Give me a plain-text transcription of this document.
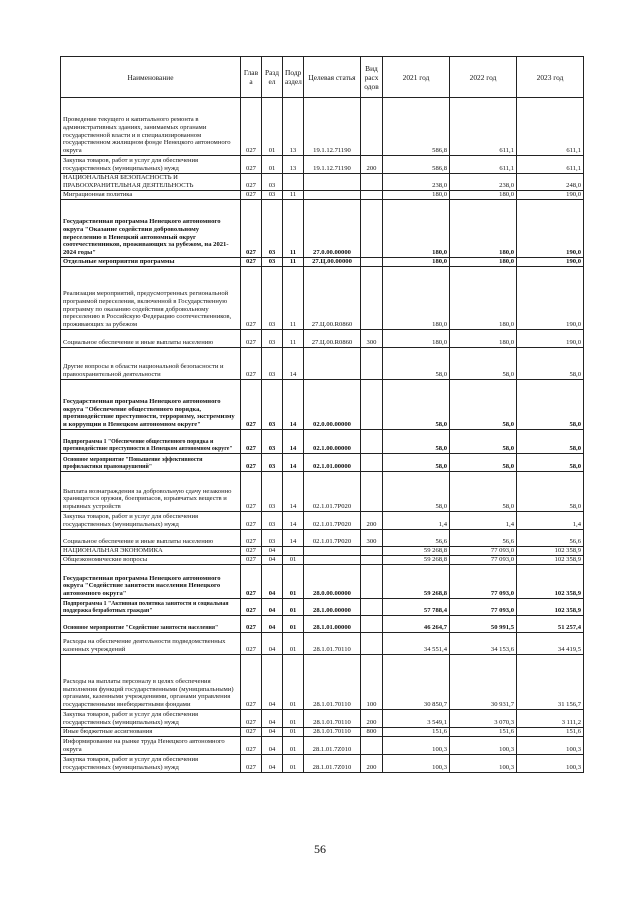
Наименование	Глав а	Разд ел	Подр аздел	Целевая статья	Вид расх одов	2021 год	2022 год	2023 год
Проведение текущего и капитального ремонта в административных зданиях, занимаемых органами государственной власти и в специализированном государственном жилищном фонде Ненецкого автономного округа	027	01	13	19.1.12.71190		586,8	611,1	611,1
Закупка товаров, работ и услуг для обеспечения государственных (муниципальных) нужд	027	01	13	19.1.12.71190	200	586,8	611,1	611,1
НАЦИОНАЛЬНАЯ БЕЗОПАСНОСТЬ И ПРАВООХРАНИТЕЛЬНАЯ ДЕЯТЕЛЬНОСТЬ	027	03				238,0	238,0	248,0
Миграционная политика	027	03	11			180,0	180,0	190,0
Государственная программа Ненецкого автономного округа "Оказание содействия добровольному переселению в Ненецкий автономный округ соотечественников, проживающих за рубежом, на 2021-2024 годы"	027	03	11	27.0.00.00000		180,0	180,0	190,0
Отдельные мероприятия программы	027	03	11	27.Ц.00.00000		180,0	180,0	190,0
Реализация мероприятий, предусмотренных региональной программой переселения, включенной в Государственную программу по оказанию содействия добровольному переселению в Российскую Федерацию соотечественников, проживающих за рубежом	027	03	11	27.Ц.00.R0860		180,0	180,0	190,0
Социальное обеспечение и иные выплаты населению	027	03	11	27.Ц.00.R0860	300	180,0	180,0	190,0
Другие вопросы в области национальной безопасности и правоохранительной деятельности	027	03	14			58,0	58,0	58,0
Государственная программа Ненецкого автономного округа "Обеспечение общественного порядка, противодействие преступности, терроризму, экстремизму и коррупции в Ненецком автономном округе"	027	03	14	02.0.00.00000		58,0	58,0	58,0
Подпрограмма 1 "Обеспечение общественного порядка и противодействие преступности в Ненецком автономном округе"	027	03	14	02.1.00.00000		58,0	58,0	58,0
Основное мероприятие "Повышение эффективности профилактики правонарушений"	027	03	14	02.1.01.00000		58,0	58,0	58,0
Выплата вознаграждения за добровольную сдачу незаконно хранящегося оружия, боеприпасов, взрывчатых веществ и взрывных устройств	027	03	14	02.1.01.7Р020		58,0	58,0	58,0
Закупка товаров, работ и услуг для обеспечения государственных (муниципальных) нужд	027	03	14	02.1.01.7Р020	200	1,4	1,4	1,4
Социальное обеспечение и иные выплаты населению	027	03	14	02.1.01.7Р020	300	56,6	56,6	56,6
НАЦИОНАЛЬНАЯ ЭКОНОМИКА	027	04				59 268,8	77 093,0	102 358,9
Общеэкономические вопросы	027	04	01			59 268,8	77 093,0	102 358,9
Государственная программа Ненецкого автономного округа "Содействие занятости населения Ненецкого автономного округа"	027	04	01	28.0.00.00000		59 268,8	77 093,0	102 358,9
Подпрограмма 1 "Активная политика занятости и социальная поддержка безработных граждан"	027	04	01	28.1.00.00000		57 788,4	77 093,0	102 358,9
Основное мероприятие "Содействие занятости населения"	027	04	01	28.1.01.00000		46 264,7	50 991,5	51 257,4
Расходы на обеспечение деятельности подведомственных казенных учреждений	027	04	01	28.1.01.70110		34 551,4	34 153,6	34 419,5
Расходы на выплаты персоналу в целях обеспечения выполнения функций государственными (муниципальными) органами, казенными учреждениями, органами управления государственными внебюджетными фондами	027	04	01	28.1.01.70110	100	30 850,7	30 931,7	31 156,7
Закупка товаров, работ и услуг для обеспечения государственных (муниципальных) нужд	027	04	01	28.1.01.70110	200	3 549,1	3 070,3	3 111,2
Иные бюджетные ассигнования	027	04	01	28.1.01.70110	800	151,6	151,6	151,6
Информирование на рынке труда Ненецкого автономного округа	027	04	01	28.1.01.7Z010		100,3	100,3	100,3
Закупка товаров, работ и услуг для обеспечения государственных (муниципальных) нужд	027	04	01	28.1.01.7Z010	200	100,3	100,3	100,3
56
